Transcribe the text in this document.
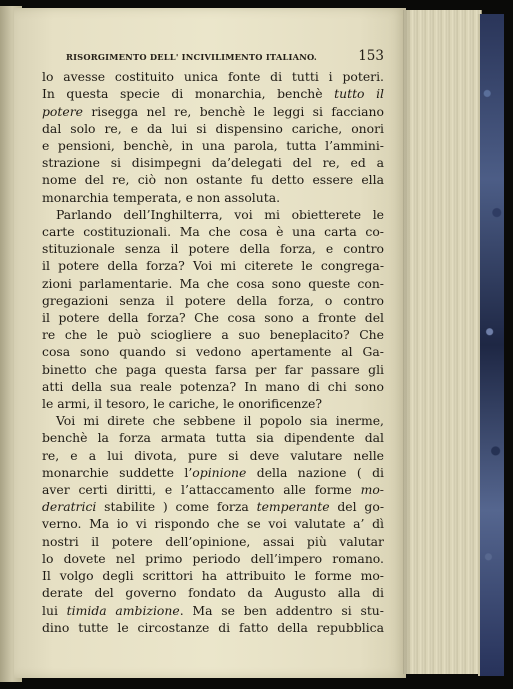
RISORGIMENTO DELL' INCIVILIMENTO ITALIANO.	153
lo avesse costituito unica fonte di tutti i poteri.
In questa specie di monarchia, benchè tutto il
potere risegga nel re, benchè le leggi si facciano
dal solo re, e da lui si dispensino cariche, onori
e pensioni, benchè, in una parola, tutta l’ammini-
strazione si disimpegni da’delegati del re, ed a
nome del re, ciò non ostante fu detto essere ella
monarchia temperata, e non assoluta.
Parlando dell’Inghilterra, voi mi obietterete le
carte costituzionali. Ma che cosa è una carta co-
stituzionale senza il potere della forza, e contro
il potere della forza? Voi mi citerete le congrega-
zioni parlamentarie. Ma che cosa sono queste con-
gregazioni senza il potere della forza, o contro
il potere della forza? Che cosa sono a fronte del
re che le può sciogliere a suo beneplacito? Che
cosa sono quando si vedono apertamente al Ga-
binetto che paga questa farsa per far passare gli
atti della sua reale potenza? In mano di chi sono
le armi, il tesoro, le cariche, le onorificenze?
Voi mi direte che sebbene il popolo sia inerme,
benchè la forza armata tutta sia dipendente dal
re, e a lui divota, pure si deve valutare nelle
monarchie suddette l’opinione della nazione ( di
aver certi diritti, e l’attaccamento alle forme mo-
deratrici stabilite ) come forza temperante del go-
verno. Ma io vi rispondo che se voi valutate a’ dì
nostri il potere dell’opinione, assai più valutar
lo dovete nel primo periodo dell’impero romano.
Il volgo degli scrittori ha attribuito le forme mo-
derate del governo fondato da Augusto alla di
lui timida ambizione. Ma se ben addentro si stu-
dino tutte le circostanze di fatto della repubblica
